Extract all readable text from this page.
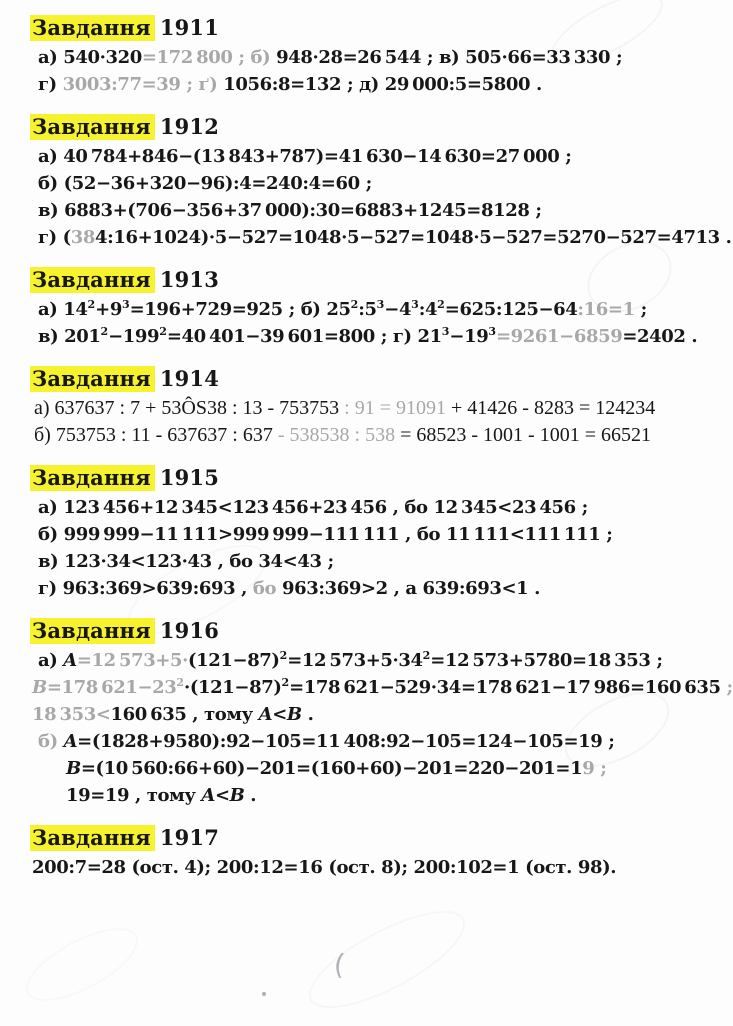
Завдання 1911
а) 540·320=172 800 ; б) 948·28=26 544 ; в) 505·66=33 330 ;
г) 3003:77=39 ; ґ) 1056:8=132 ; д) 29 000:5=5800 .
Завдання 1912
а) 40 784+846−(13 843+787)=41 630−14 630=27 000 ;
б) (52−36+320−96):4=240:4=60 ;
в) 6883+(706−356+37 000):30=6883+1245=8128 ;
г) (384:16+1024)·5−527=1048·5−527=1048·5−527=5270−527=4713 .
Завдання 1913
а) $14^2+9^3=196+729=925$ ; б) $25^2:5^3-4^3:4^2=625:125-64:16=1$ ;
в) $201^2-199^2=40$ 401−39 601=800 ; г) $21^3-19^3=9261-6859=2402$ .
Завдання 1914
а) 637637 : 7 + 53ÔS38 : 13 - 753753 : 91 = 91091 + 41426 - 8283 = 124234
б) 753753 : 11 - 637637 : 637 - 538538 : 538 = 68523 - 1001 - 1001 = 66521
Завдання 1915
а) 123 456+12 345<123 456+23 456 , бо 12 345<23 456 ;
б) 999 999−11 111>999 999−111 111 , бо 11 111<111 111 ;
в) 123·34<123·43 , бо 34<43 ;
г) 963:369>639:693 , бо 963:369>2 , а 639:693<1 .
Завдання 1916
а) A=12 $573+5\cdot(121-87)^2=12$ $573+5\cdot 34^2=12$ 573+5780=18 353 ;
B=178 $621-23^2\cdot(121-87)^2=178$ 621−529·34=178 621−17 986=160 635 ;
18 353<160 635 , тому A<B .
б) A=(1828+9580):92−105=11 408:92−105=124−105=19 ;
B=(10 560:66+60)−201=(160+60)−201=220−201=19 ;
19=19 , тому A<B .
Завдання 1917
200:7=28 (ост. 4); 200:12=16 (ост. 8); 200:102=1 (ост. 98).
(
